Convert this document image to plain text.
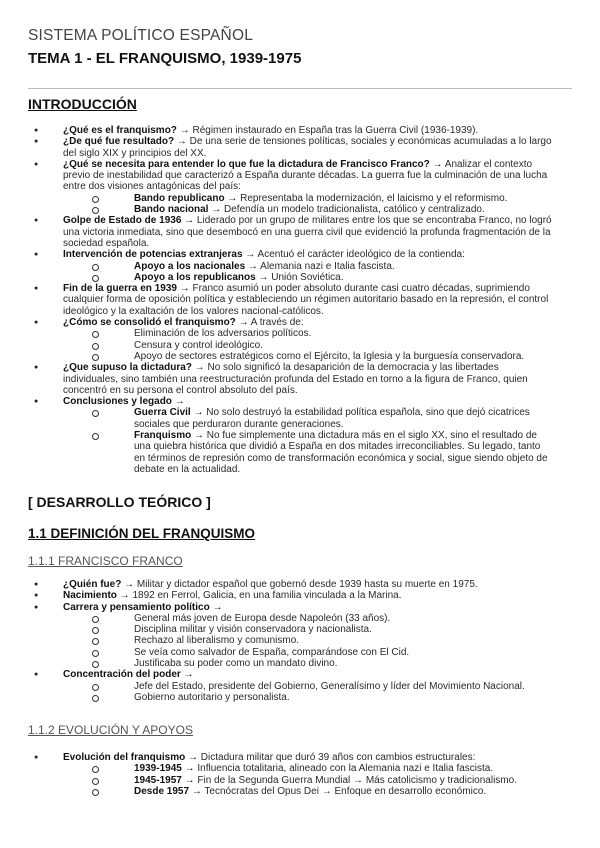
SISTEMA POLÍTICO ESPAÑOL
TEMA 1 - EL FRANQUISMO, 1939-1975
INTRODUCCIÓN
● ¿Qué es el franquismo? → Régimen instaurado en España tras la Guerra Civil (1936-1939).
● ¿De qué fue resultado? → De una serie de tensiones políticas, sociales y económicas acumuladas a lo largo del siglo XIX y principios del XX.
● ¿Qué se necesita para entender lo que fue la dictadura de Francisco Franco? → Analizar el contexto previo de inestabilidad que caracterizó a España durante décadas. La guerra fue la culminación de una lucha entre dos visiones antagónicas del país:
Bando republicano → Representaba la modernización, el laicismo y el reformismo.
Bando nacional → Defendía un modelo tradicionalista, católico y centralizado.
● Golpe de Estado de 1936 → Liderado por un grupo de militares entre los que se encontraba Franco, no logró una victoria inmediata, sino que desembocó en una guerra civil que evidenció la profunda fragmentación de la sociedad española.
● Intervención de potencias extranjeras → Acentuó el carácter ideológico de la contienda:
Apoyo a los nacionales → Alemania nazi e Italia fascista.
Apoyo a los republicanos → Unión Soviética.
● Fin de la guerra en 1939 → Franco asumió un poder absoluto durante casi cuatro décadas, suprimiendo cualquier forma de oposición política y estableciendo un régimen autoritario basado en la represión, el control ideológico y la exaltación de los valores nacional-católicos.
● ¿Cómo se consolidó el franquismo? → A través de:
Eliminación de los adversarios políticos.
Censura y control ideológico.
Apoyo de sectores estratégicos como el Ejército, la Iglesia y la burguesía conservadora.
● ¿Que supuso la dictadura? → No solo significó la desaparición de la democracia y las libertades individuales, sino también una reestructuración profunda del Estado en torno a la figura de Franco, quien concentró en su persona el control absoluto del país.
● Conclusiones y legado →
Guerra Civil → No solo destruyó la estabilidad política española, sino que dejó cicatrices sociales que perduraron durante generaciones.
Franquismo → No fue simplemente una dictadura más en el siglo XX, sino el resultado de una quiebra histórica que dividió a España en dos mitades irreconciliables. Su legado, tanto en términos de represión como de transformación económica y social, sigue siendo objeto de debate en la actualidad.
[ DESARROLLO TEÓRICO ]
1.1 DEFINICIÓN DEL FRANQUISMO
1.1.1 FRANCISCO FRANCO
● ¿Quién fue? → Militar y dictador español que gobernó desde 1939 hasta su muerte en 1975.
● Nacimiento → 1892 en Ferrol, Galicia, en una familia vinculada a la Marina.
● Carrera y pensamiento político →
General más joven de Europa desde Napoleón (33 años).
Disciplina militar y visión conservadora y nacionalista.
Rechazo al liberalismo y comunismo.
Se veía como salvador de España, comparándose con El Cid.
Justificaba su poder como un mandato divino.
● Concentración del poder →
Jefe del Estado, presidente del Gobierno, Generalísimo y líder del Movimiento Nacional.
Gobierno autoritario y personalista.
1.1.2 EVOLUCIÓN Y APOYOS
● Evolución del franquismo → Dictadura militar que duró 39 años con cambios estructurales:
1939-1945 → Influencia totalitaria, alineado con la Alemania nazi e Italia fascista.
1945-1957 → Fin de la Segunda Guerra Mundial → Más catolicismo y tradicionalismo.
Desde 1957 → Tecnócratas del Opus Dei → Enfoque en desarrollo económico.
